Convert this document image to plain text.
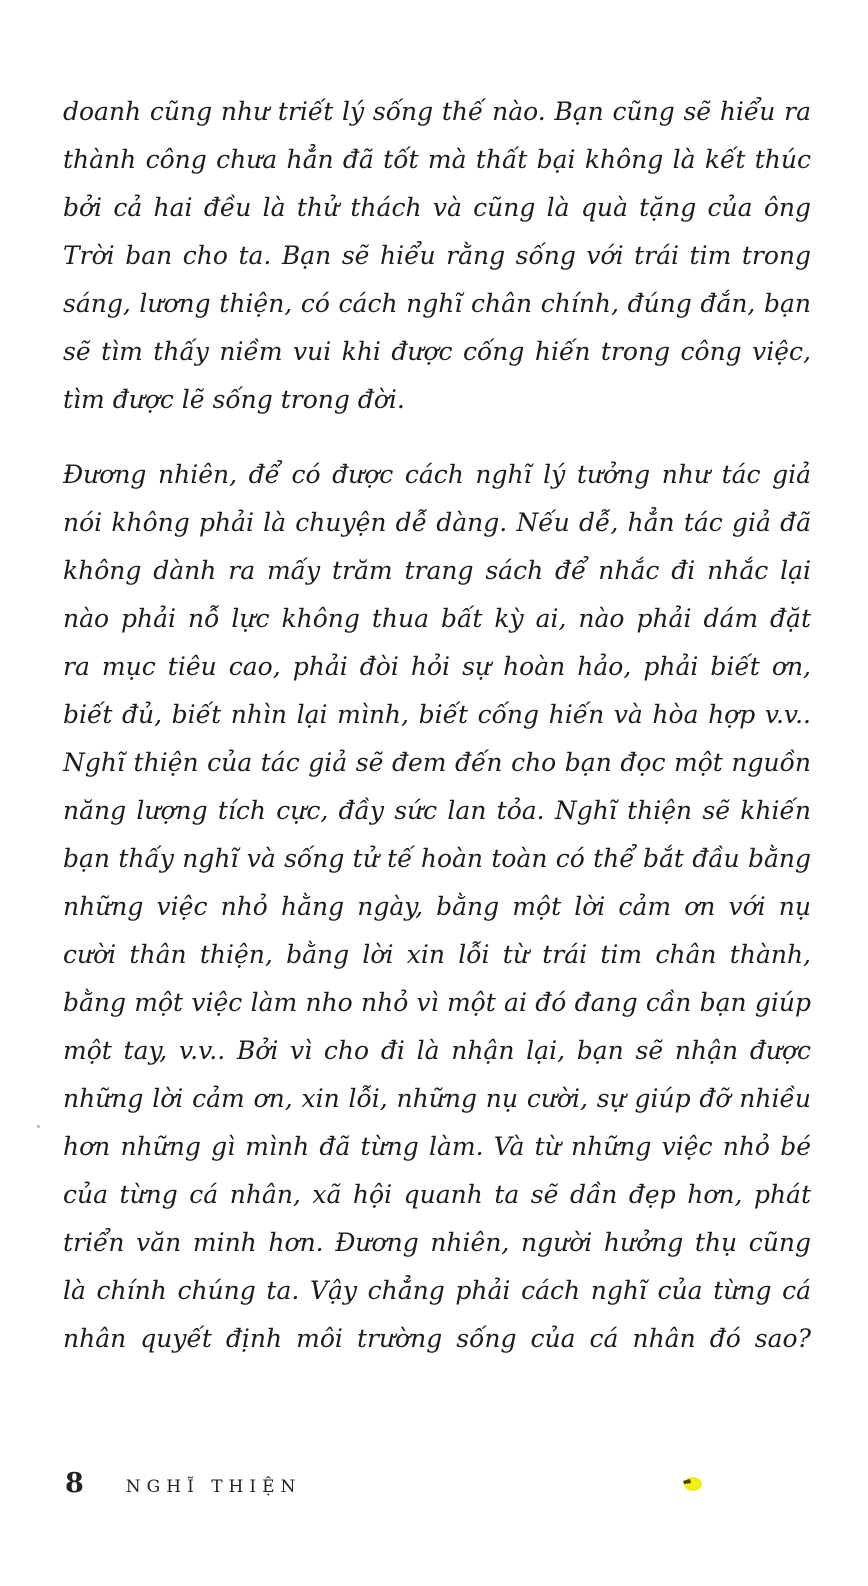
doanh cũng như triết lý sống thế nào. Bạn cũng sẽ hiểu ra
thành công chưa hẳn đã tốt mà thất bại không là kết thúc
bởi cả hai đều là thử thách và cũng là quà tặng của ông
Trời ban cho ta. Bạn sẽ hiểu rằng sống với trái tim trong
sáng, lương thiện, có cách nghĩ chân chính, đúng đắn, bạn
sẽ tìm thấy niềm vui khi được cống hiến trong công việc,
tìm được lẽ sống trong đời.
Đương nhiên, để có được cách nghĩ lý tưởng như tác giả
nói không phải là chuyện dễ dàng. Nếu dễ, hẳn tác giả đã
không dành ra mấy trăm trang sách để nhắc đi nhắc lại
nào phải nỗ lực không thua bất kỳ ai, nào phải dám đặt
ra mục tiêu cao, phải đòi hỏi sự hoàn hảo, phải biết ơn,
biết đủ, biết nhìn lại mình, biết cống hiến và hòa hợp v.v..
Nghĩ thiện của tác giả sẽ đem đến cho bạn đọc một nguồn
năng lượng tích cực, đầy sức lan tỏa. Nghĩ thiện sẽ khiến
bạn thấy nghĩ và sống tử tế hoàn toàn có thể bắt đầu bằng
những việc nhỏ hằng ngày, bằng một lời cảm ơn với nụ
cười thân thiện, bằng lời xin lỗi từ trái tim chân thành,
bằng một việc làm nho nhỏ vì một ai đó đang cần bạn giúp
một tay, v.v.. Bởi vì cho đi là nhận lại, bạn sẽ nhận được
những lời cảm ơn, xin lỗi, những nụ cười, sự giúp đỡ nhiều
hơn những gì mình đã từng làm. Và từ những việc nhỏ bé
của từng cá nhân, xã hội quanh ta sẽ dần đẹp hơn, phát
triển văn minh hơn. Đương nhiên, người hưởng thụ cũng
là chính chúng ta. Vậy chẳng phải cách nghĩ của từng cá
nhân quyết định môi trường sống của cá nhân đó sao?
8 NGHĨ THIỆN
